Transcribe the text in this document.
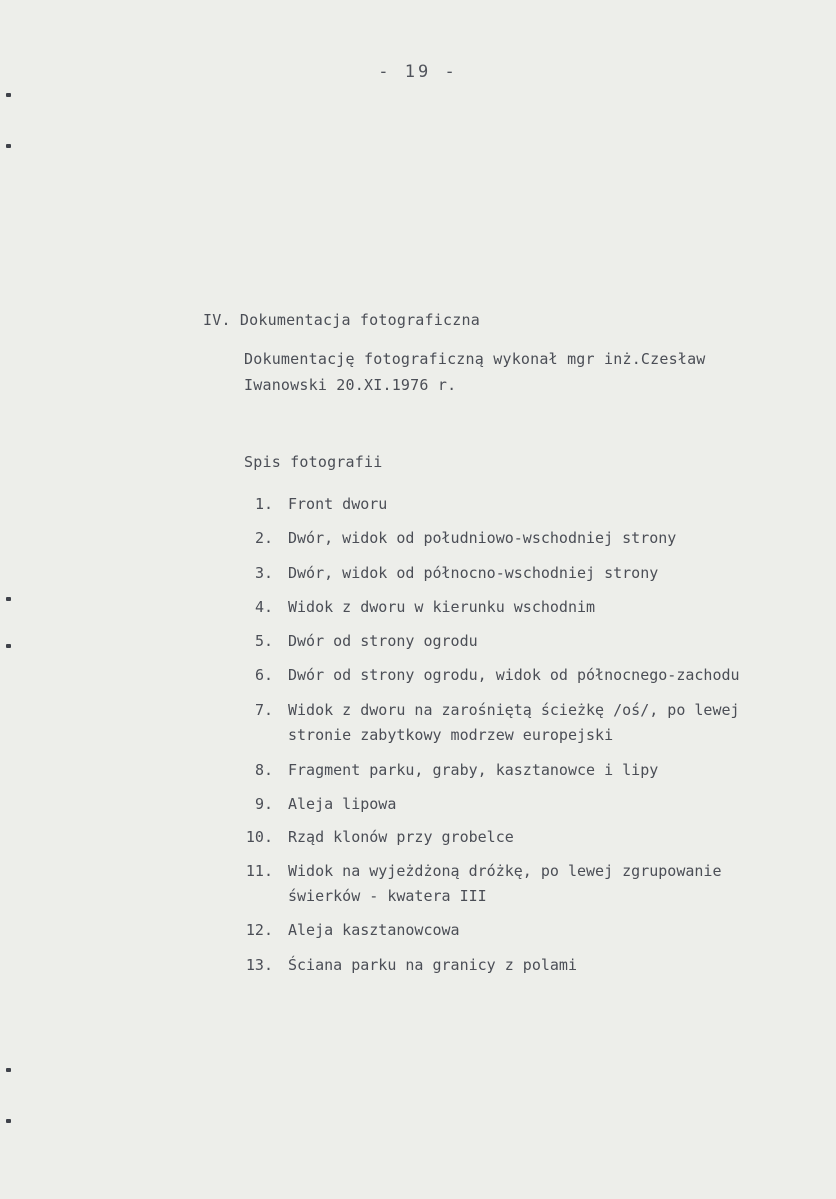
- 19 -
IV. Dokumentacja fotograficzna
Dokumentację fotograficzną wykonał mgr inż.Czesław
Iwanowski 20.XI.1976 r.
Spis fotografii
1. Front dworu
2. Dwór, widok od południowo-wschodniej strony
3. Dwór, widok od północno-wschodniej strony
4. Widok z dworu w kierunku wschodnim
5. Dwór od strony ogrodu
6. Dwór od strony ogrodu, widok od północnego-zachodu
7. Widok z dworu na zarośniętą ścieżkę /oś/, po lewej
stronie zabytkowy modrzew europejski
8. Fragment parku, graby, kasztanowce i lipy
9. Aleja lipowa
10. Rząd klonów przy grobelce
11. Widok na wyjeżdżoną dróżkę, po lewej zgrupowanie
świerków - kwatera III
12. Aleja kasztanowcowa
13. Ściana parku na granicy z polami
